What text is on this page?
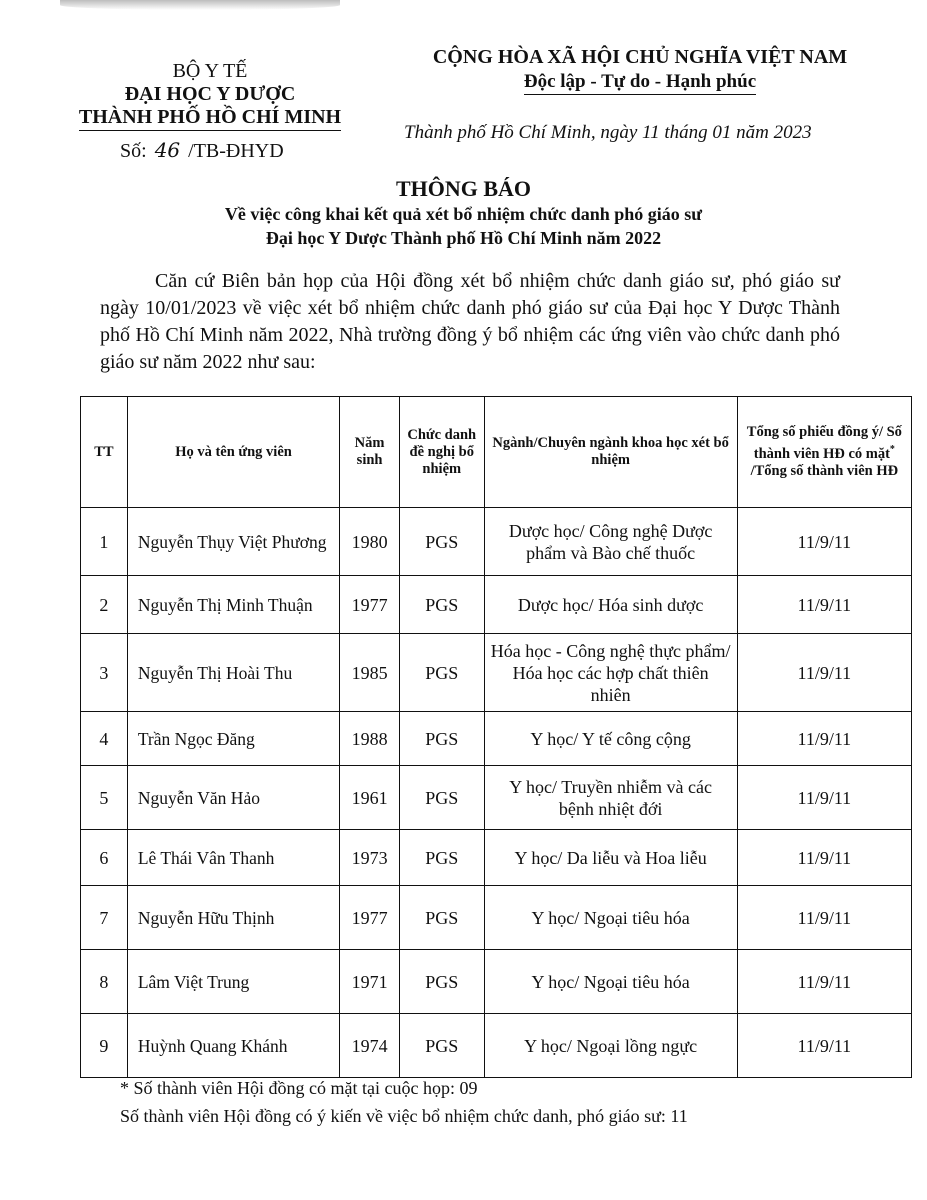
BỘ Y TẾ
ĐẠI HỌC Y DƯỢC
THÀNH PHỐ HỒ CHÍ MINH
Số: 46 /TB-ĐHYD
CỘNG HÒA XÃ HỘI CHỦ NGHĨA VIỆT NAM
Độc lập - Tự do - Hạnh phúc
Thành phố Hồ Chí Minh, ngày 11 tháng 01 năm 2023
THÔNG BÁO
Về việc công khai kết quả xét bổ nhiệm chức danh phó giáo sư
Đại học Y Dược Thành phố Hồ Chí Minh năm 2022
Căn cứ Biên bản họp của Hội đồng xét bổ nhiệm chức danh giáo sư, phó giáo sư ngày 10/01/2023 về việc xét bổ nhiệm chức danh phó giáo sư của Đại học Y Dược Thành phố Hồ Chí Minh năm 2022, Nhà trường đồng ý bổ nhiệm các ứng viên vào chức danh phó giáo sư năm 2022 như sau:
TT	Họ và tên ứng viên	Năm sinh	Chức danh đề nghị bổ nhiệm	Ngành/Chuyên ngành khoa học xét bổ nhiệm	Tổng số phiếu đồng ý/ Số thành viên HĐ có mặt*
/Tổng số thành viên HĐ
1	Nguyễn Thụy Việt Phương	1980	PGS	Dược học/ Công nghệ Dược phẩm và Bào chế thuốc	11/9/11
2	Nguyễn Thị Minh Thuận	1977	PGS	Dược học/ Hóa sinh dược	11/9/11
3	Nguyễn Thị Hoài Thu	1985	PGS	Hóa học - Công nghệ thực phẩm/ Hóa học các hợp chất thiên nhiên	11/9/11
4	Trần Ngọc Đăng	1988	PGS	Y học/ Y tế công cộng	11/9/11
5	Nguyễn Văn Hảo	1961	PGS	Y học/ Truyền nhiễm và các bệnh nhiệt đới	11/9/11
6	Lê Thái Vân Thanh	1973	PGS	Y học/ Da liễu và Hoa liễu	11/9/11
7	Nguyễn Hữu Thịnh	1977	PGS	Y học/ Ngoại tiêu hóa	11/9/11
8	Lâm Việt Trung	1971	PGS	Y học/ Ngoại tiêu hóa	11/9/11
9	Huỳnh Quang Khánh	1974	PGS	Y học/ Ngoại lồng ngực	11/9/11
* Số thành viên Hội đồng có mặt tại cuộc họp: 09
Số thành viên Hội đồng có ý kiến về việc bổ nhiệm chức danh, phó giáo sư: 11
